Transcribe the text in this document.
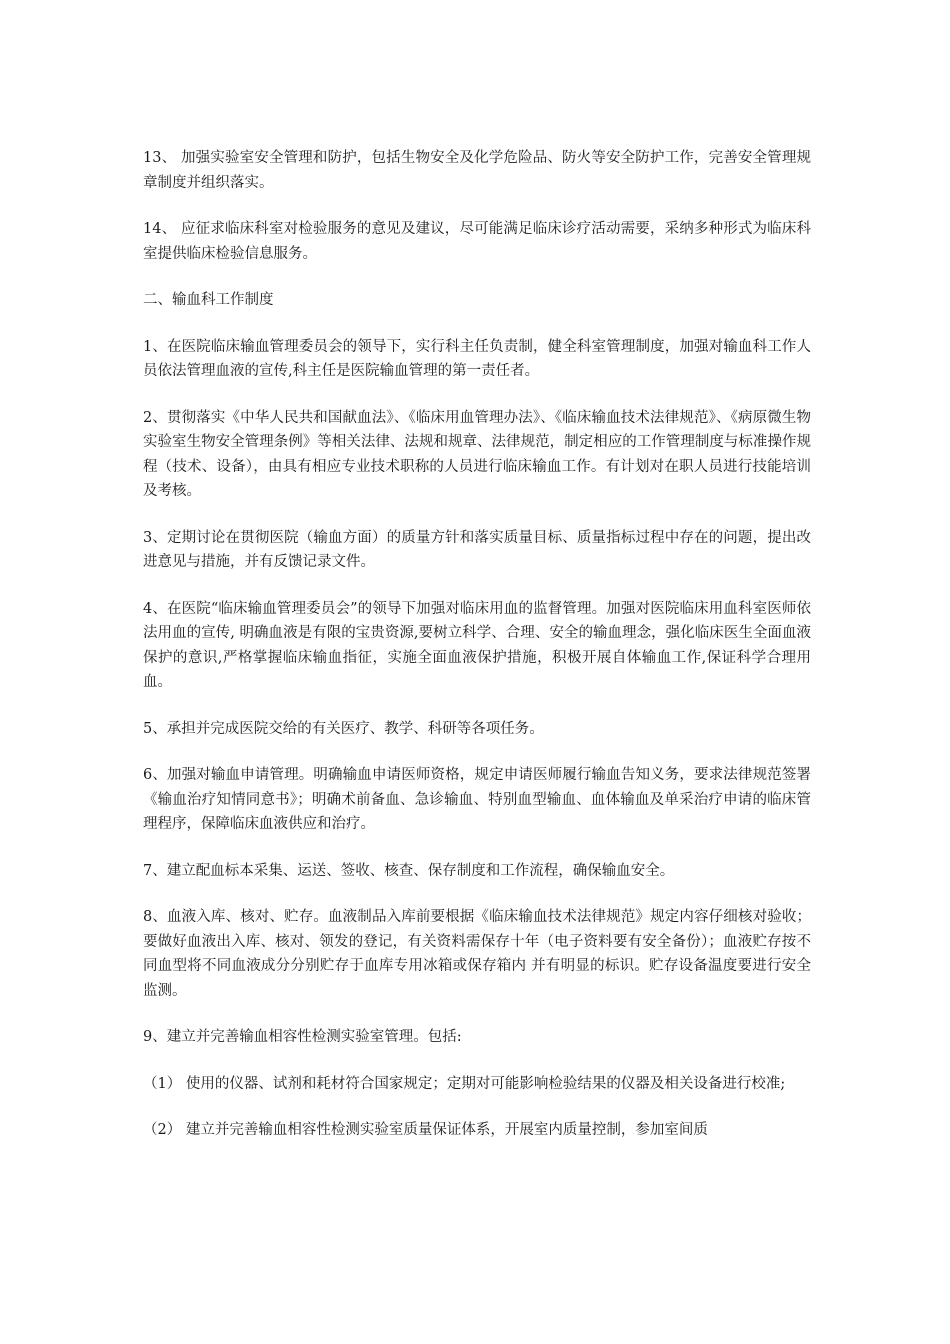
13、 加强实验室安全管理和防护，包括生物安全及化学危险品、防火等安全防护工作，完善安全管理规章制度并组织落实。

14、 应征求临床科室对检验服务的意见及建议，尽可能满足临床诊疗活动需要，采纳多种形式为临床科室提供临床检验信息服务。

二、输血科工作制度

1、在医院临床输血管理委员会的领导下，实行科主任负责制，健全科室管理制度，加强对输血科工作人员依法管理血液的宣传,科主任是医院输血管理的第一责任者。

2、贯彻落实《中华人民共和国献血法》、《临床用血管理办法》、《临床输血技术法律规范》、《病原微生物实验室生物安全管理条例》等相关法律、法规和规章、法律规范，制定相应的工作管理制度与标准操作规程（技术、设备），由具有相应专业技术职称的人员进行临床输血工作。有计划对在职人员进行技能培训及考核。

3、定期讨论在贯彻医院（输血方面）的质量方针和落实质量目标、质量指标过程中存在的问题，提出改进意见与措施，并有反馈记录文件。

4、在医院“临床输血管理委员会”的领导下加强对临床用血的监督管理。加强对医院临床用血科室医师依法用血的宣传, 明确血液是有限的宝贵资源,要树立科学、合理、安全的输血理念，强化临床医生全面血液保护的意识,严格掌握临床输血指征，实施全面血液保护措施，积极开展自体输血工作,保证科学合理用血。

5、承担并完成医院交给的有关医疗、教学、科研等各项任务。

6、加强对输血申请管理。明确输血申请医师资格，规定申请医师履行输血告知义务，要求法律规范签署《输血治疗知情同意书》；明确术前备血、急诊输血、特别血型输血、血体输血及单采治疗申请的临床管理程序，保障临床血液供应和治疗。

7、建立配血标本采集、运送、签收、核查、保存制度和工作流程，确保输血安全。

8、血液入库、核对、贮存。血液制品入库前要根据《临床输血技术法律规范》规定内容仔细核对验收；要做好血液出入库、核对、领发的登记，有关资料需保存十年（电子资料要有安全备份）；血液贮存按不同血型将不同血液成分分别贮存于血库专用冰箱或保存箱内 并有明显的标识。贮存设备温度要进行安全监测。

9、建立并完善输血相容性检测实验室管理。包括:

（1） 使用的仪器、试剂和耗材符合国家规定；定期对可能影响检验结果的仪器及相关设备进行校准;

（2） 建立并完善输血相容性检测实验室质量保证体系，开展室内质量控制，参加室间质
